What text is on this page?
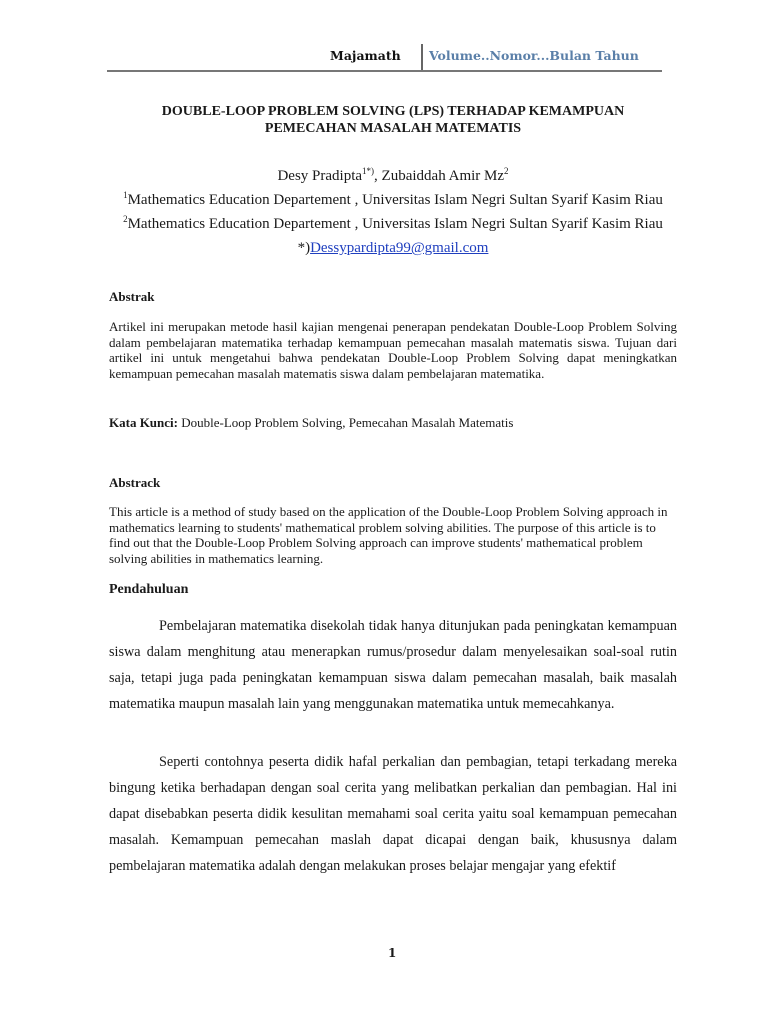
Majamath Volume..Nomor...Bulan Tahun
DOUBLE-LOOP PROBLEM SOLVING (LPS) TERHADAP KEMAMPUAN
PEMECAHAN MASALAH MATEMATIS
Desy Pradipta$^{1*)}$, Zubaiddah Amir Mz$^2$
$^1$Mathematics Education Departement , Universitas Islam Negri Sultan Syarif Kasim Riau
$^2$Mathematics Education Departement , Universitas Islam Negri Sultan Syarif Kasim Riau
*)Dessypardipta99@gmail.com
Abstrak
Artikel ini merupakan metode hasil kajian mengenai penerapan pendekatan Double-Loop Problem Solving dalam pembelajaran matematika terhadap kemampuan pemecahan masalah matematis siswa. Tujuan dari artikel ini untuk mengetahui bahwa pendekatan Double-Loop Problem Solving dapat meningkatkan kemampuan pemecahan masalah matematis siswa dalam pembelajaran matematika.
Kata Kunci: Double-Loop Problem Solving, Pemecahan Masalah Matematis
Abstrack
This article is a method of study based on the application of the Double-Loop Problem Solving approach in mathematics learning to students' mathematical problem solving abilities. The purpose of this article is to find out that the Double-Loop Problem Solving approach can improve students' mathematical problem solving abilities in mathematics learning.
Pendahuluan
Pembelajaran matematika disekolah tidak hanya ditunjukan pada peningkatan kemampuan siswa dalam menghitung atau menerapkan rumus/prosedur dalam menyelesaikan soal-soal rutin saja, tetapi juga pada peningkatan kemampuan siswa dalam pemecahan masalah, baik masalah matematika maupun masalah lain yang menggunakan matematika untuk memecahkanya.
Seperti contohnya peserta didik hafal perkalian dan pembagian, tetapi terkadang mereka bingung ketika berhadapan dengan soal cerita yang melibatkan perkalian dan pembagian. Hal ini dapat disebabkan peserta didik kesulitan memahami soal cerita yaitu soal kemampuan pemecahan masalah. Kemampuan pemecahan maslah dapat dicapai dengan baik, khususnya dalam pembelajaran matematika adalah dengan melakukan proses belajar mengajar yang efektif
1
